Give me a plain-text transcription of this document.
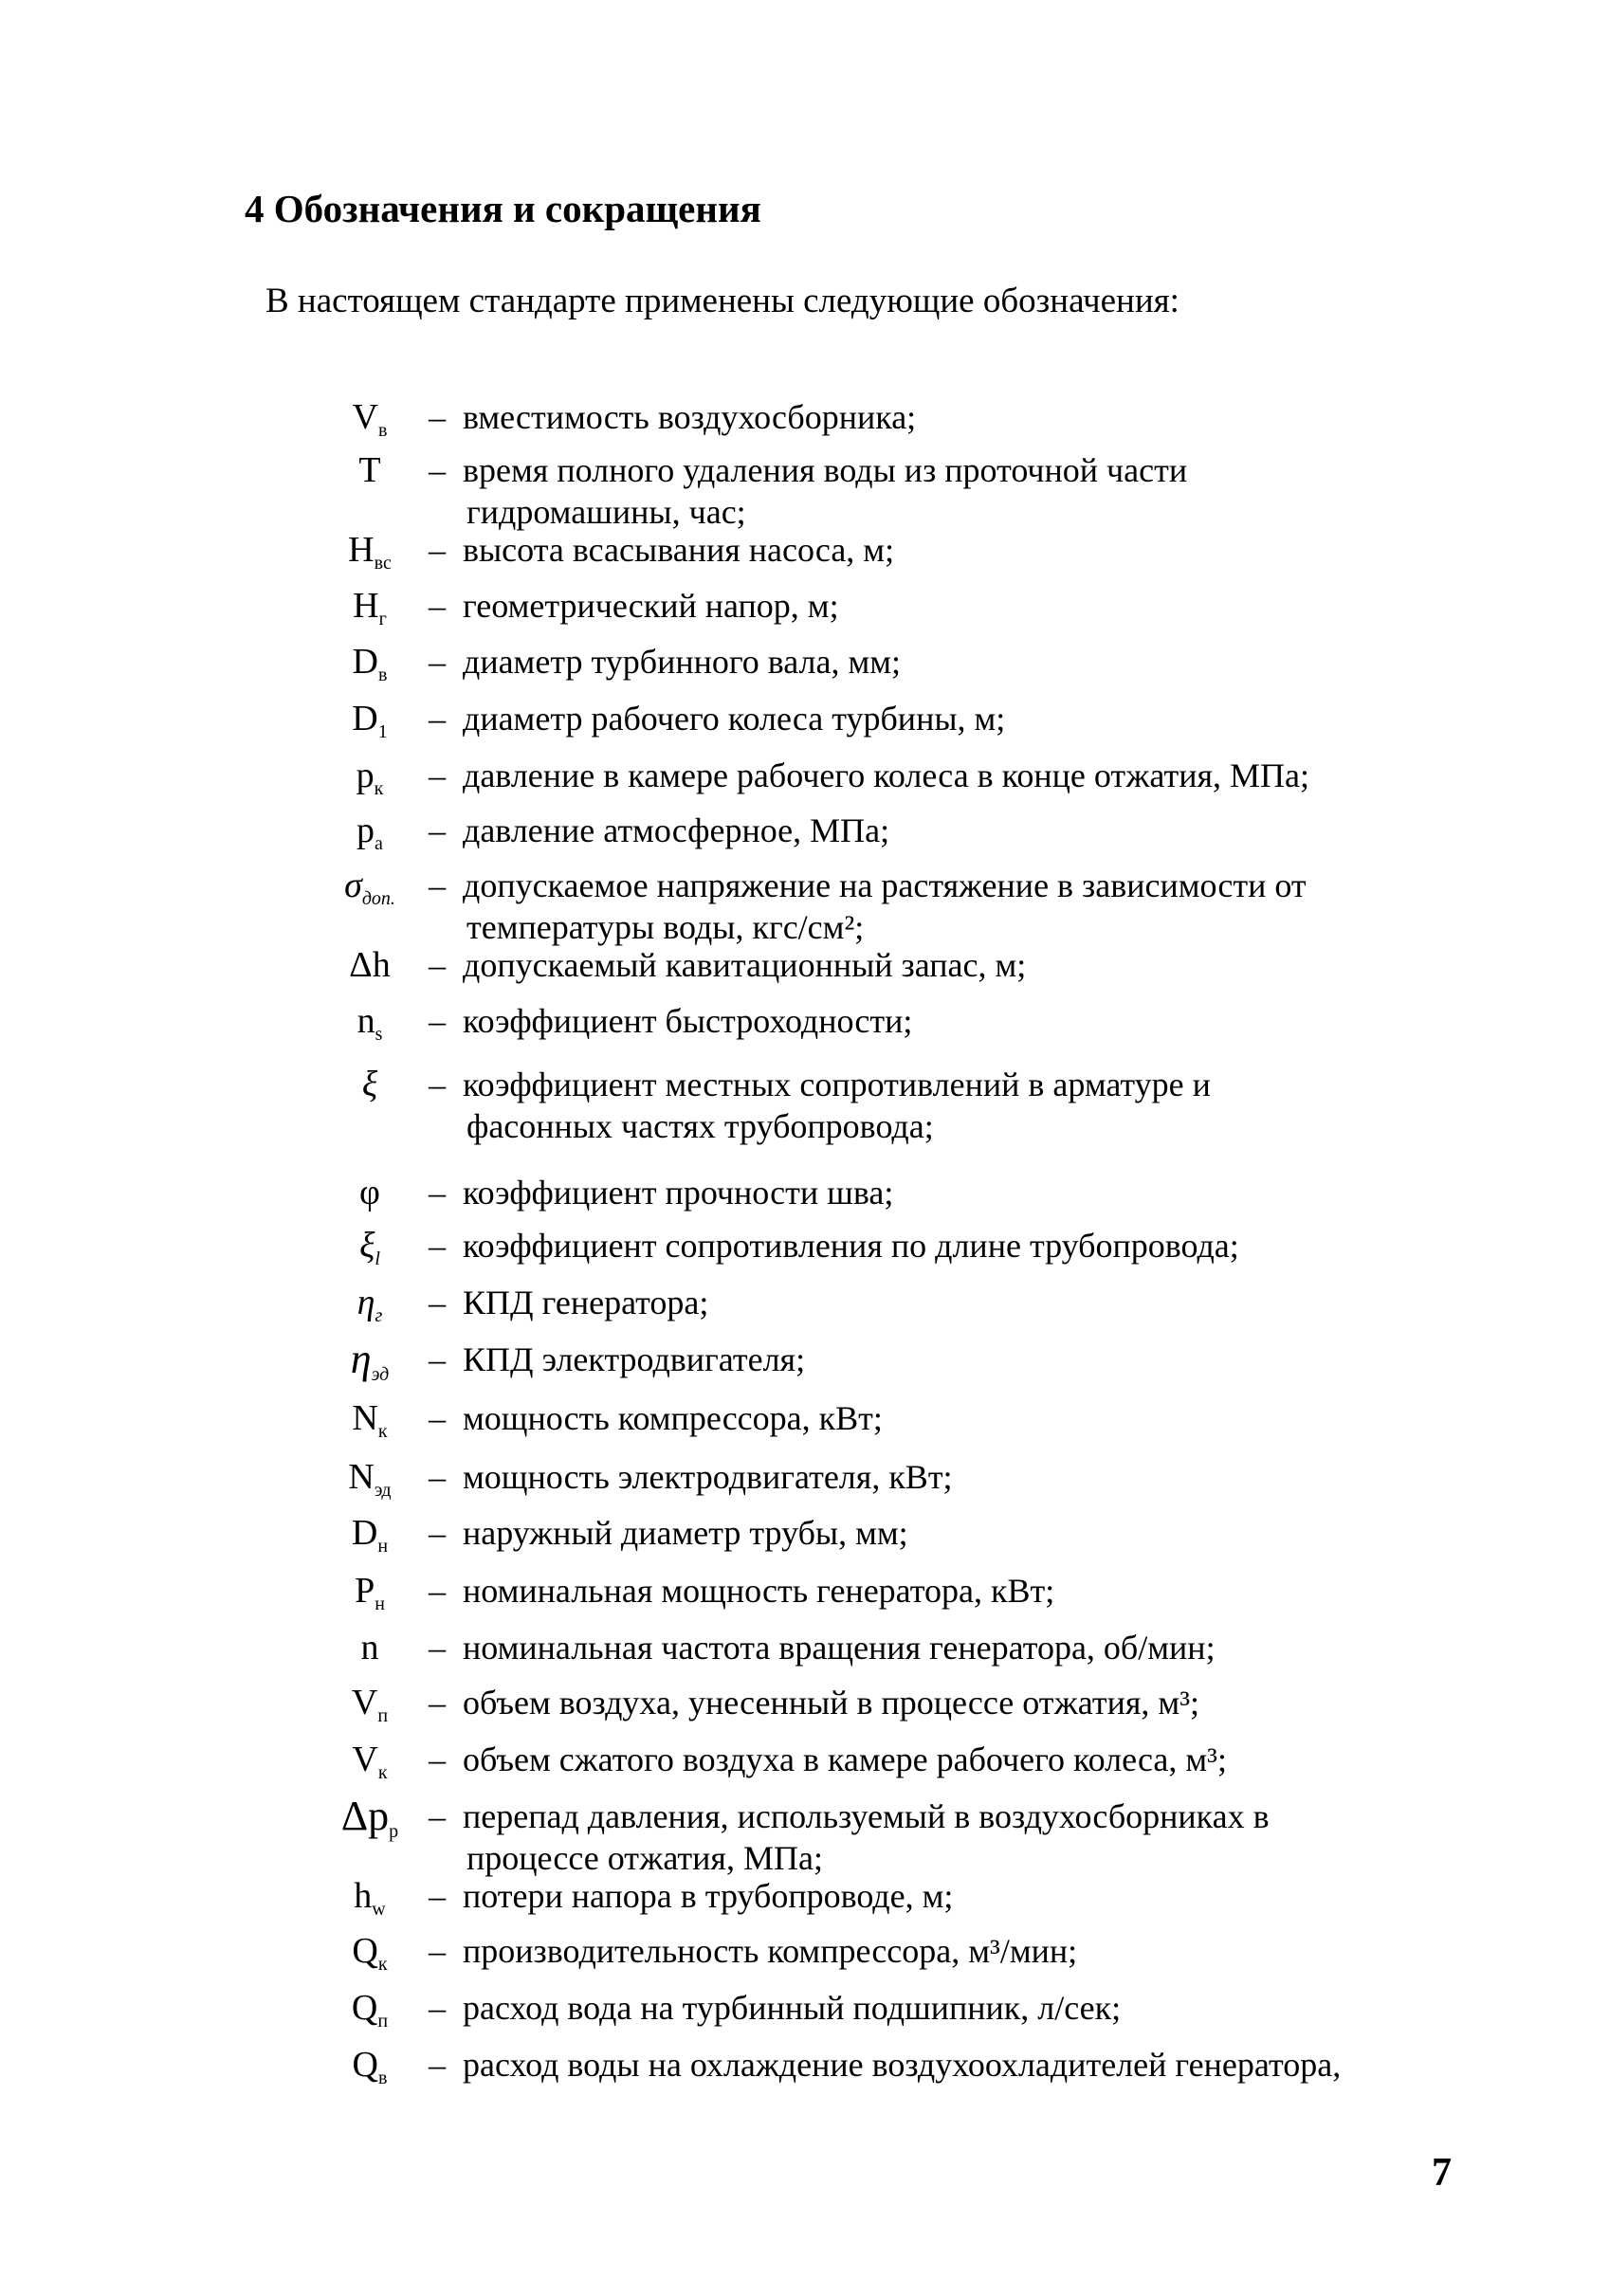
4 Обозначения и сокращения
В настоящем стандарте применены следующие обозначения:
$V_в$	– вместимость воздухосборника;
T	– время полного удаления воды из проточной части
гидромашины, час;
$H_{вс}$	– высота всасывания насоса, м;
$H_г$	– геометрический напор, м;
$D_в$	– диаметр турбинного вала, мм;
$D_1$	– диаметр рабочего колеса турбины, м;
$p_к$	– давление в камере рабочего колеса в конце отжатия, МПа;
$p_a$	– давление атмосферное, МПа;
$\sigma_{доп.}$ – допускаемое напряжение на растяжение в зависимости от
температуры воды, кгс/см²;
Δh	– допускаемый кавитационный запас, м;
$n_s$	– коэффициент быстроходности;
ξ	– коэффициент местных сопротивлений в арматуре и
фасонных частях трубопровода;
φ	– коэффициент прочности шва;
$\xi_l$	– коэффициент сопротивления по длине трубопровода;
$\eta_г$	– КПД генератора;
$\eta_{эд}$	– КПД электродвигателя;
$N_к$	– мощность компрессора, кВт;
$N_{эд}$	– мощность электродвигателя, кВт;
$D_н$	– наружный диаметр трубы, мм;
$P_н$	– номинальная мощность генератора, кВт;
n	– номинальная частота вращения генератора, об/мин;
$V_п$	– объем воздуха, унесенный в процессе отжатия, м³;
$V_к$	– объем сжатого воздуха в камере рабочего колеса, м³;
$\Delta p_р$ – перепад давления, используемый в воздухосборниках в
процессе отжатия, МПа;
$h_w$	– потери напора в трубопроводе, м;
$Q_к$	– производительность компрессора, м³/мин;
$Q_п$	– расход вода на турбинный подшипник, л/сек;
$Q_в$	– расход воды на охлаждение воздухоохладителей генератора,
7
